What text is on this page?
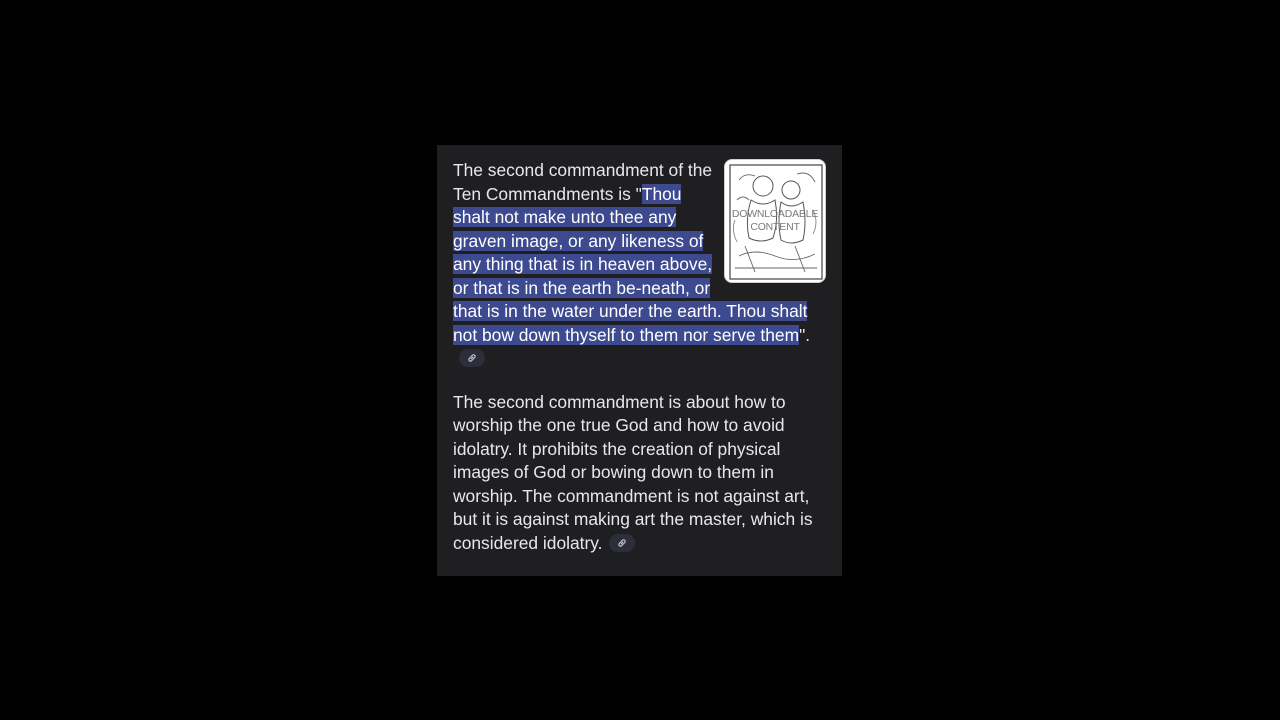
DOWNLOADABLE
CONTENT
The second commandment of the Ten Commandments is "Thou shalt not make unto thee any graven image, or any likeness of any thing that is in heaven above, or that is in the earth be-neath, or that is in the water under the earth. Thou shalt not bow down thyself to them nor serve them".

The second commandment is about how to worship the one true God and how to avoid idolatry. It prohibits the creation of physical images of God or bowing down to them in worship. The commandment is not against art, but it is against making art the master, which is considered idolatry.
